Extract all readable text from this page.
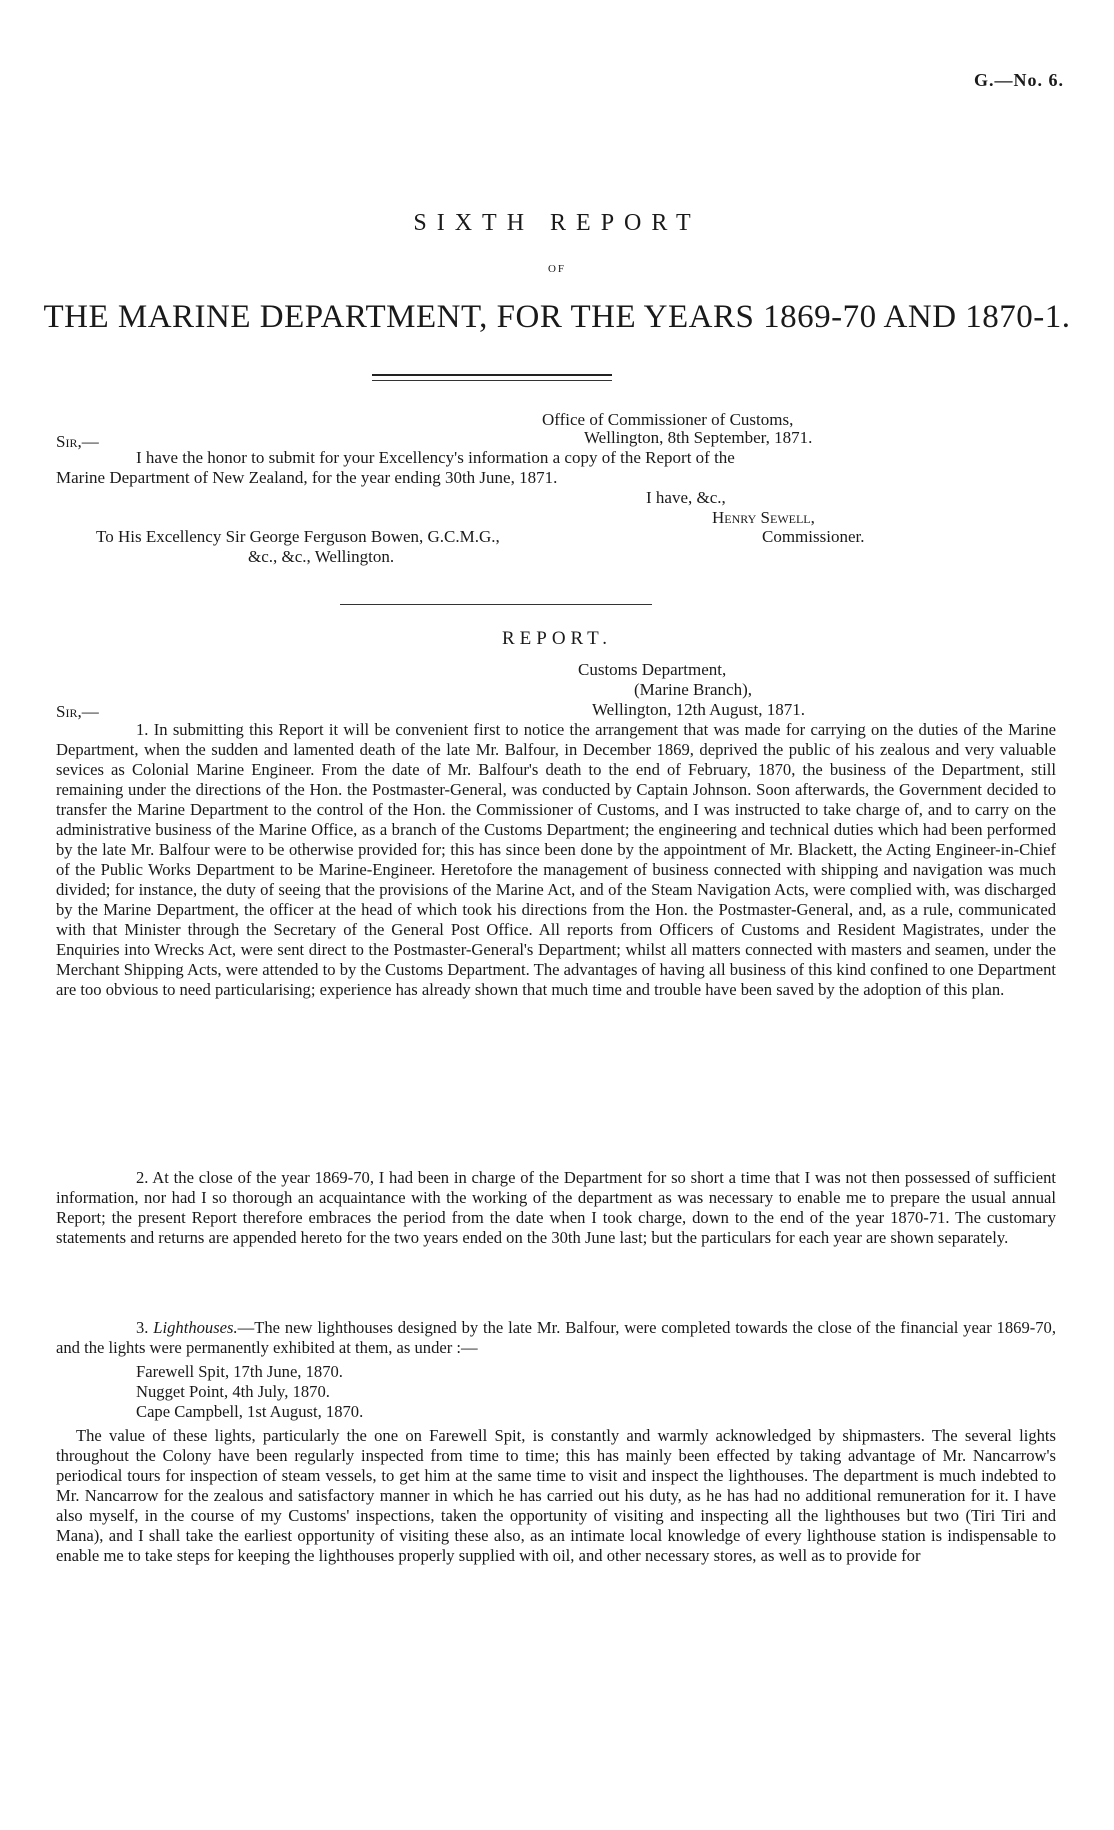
G.—No. 6.

SIXTH REPORT

OF

THE MARINE DEPARTMENT, FOR THE YEARS 1869-70 AND 1870-1.

Office of Commissioner of Customs,
Sir,—	Wellington, 8th September, 1871.
I have the honor to submit for your Excellency's information a copy of the Report of the
Marine Department of New Zealand, for the year ending 30th June, 1871.
I have, &c.,
Henry Sewell,
To His Excellency Sir George Ferguson Bowen, G.C.M.G.,	Commissioner.
&c., &c., Wellington.
REPORT.
Customs Department,
(Marine Branch),
Sir,—	Wellington, 12th August, 1871.

1. In submitting this Report it will be convenient first to notice the arrangement that was made for carrying on the duties of the Marine Department, when the sudden and lamented death of the late Mr. Balfour, in December 1869, deprived the public of his zealous and very valuable sevices as Colonial Marine Engineer. From the date of Mr. Balfour's death to the end of February, 1870, the business of the Department, still remaining under the directions of the Hon. the Postmaster-General, was conducted by Captain Johnson. Soon afterwards, the Government decided to transfer the Marine Department to the control of the Hon. the Commissioner of Customs, and I was instructed to take charge of, and to carry on the administrative business of the Marine Office, as a branch of the Customs Department; the engineering and technical duties which had been performed by the late Mr. Balfour were to be otherwise provided for; this has since been done by the appointment of Mr. Blackett, the Acting Engineer-in-Chief of the Public Works Department to be Marine-Engineer. Heretofore the management of business connected with shipping and navigation was much divided; for instance, the duty of seeing that the provisions of the Marine Act, and of the Steam Navigation Acts, were complied with, was discharged by the Marine Department, the officer at the head of which took his directions from the Hon. the Postmaster-General, and, as a rule, communicated with that Minister through the Secretary of the General Post Office. All reports from Officers of Customs and Resident Magistrates, under the Enquiries into Wrecks Act, were sent direct to the Postmaster-General's Department; whilst all matters connected with masters and seamen, under the Merchant Shipping Acts, were attended to by the Customs Department. The advantages of having all business of this kind confined to one Department are too obvious to need particularising; experience has already shown that much time and trouble have been saved by the adoption of this plan.

2. At the close of the year 1869-70, I had been in charge of the Department for so short a time that I was not then possessed of sufficient information, nor had I so thorough an acquaintance with the working of the department as was necessary to enable me to prepare the usual annual Report; the present Report therefore embraces the period from the date when I took charge, down to the end of the year 1870-71. The customary statements and returns are appended hereto for the two years ended on the 30th June last; but the particulars for each year are shown separately.

3. Lighthouses.—The new lighthouses designed by the late Mr. Balfour, were completed towards the close of the financial year 1869-70, and the lights were permanently exhibited at them, as under :—

Farewell Spit, 17th June, 1870.
Nugget Point, 4th July, 1870.
Cape Campbell, 1st August, 1870.

The value of these lights, particularly the one on Farewell Spit, is constantly and warmly acknowledged by shipmasters. The several lights throughout the Colony have been regularly inspected from time to time; this has mainly been effected by taking advantage of Mr. Nancarrow's periodical tours for inspection of steam vessels, to get him at the same time to visit and inspect the lighthouses. The department is much indebted to Mr. Nancarrow for the zealous and satisfactory manner in which he has carried out his duty, as he has had no additional remuneration for it. I have also myself, in the course of my Customs' inspections, taken the opportunity of visiting and inspecting all the lighthouses but two (Tiri Tiri and Mana), and I shall take the earliest opportunity of visiting these also, as an intimate local knowledge of every lighthouse station is indispensable to enable me to take steps for keeping the lighthouses properly supplied with oil, and other necessary stores, as well as to provide for
